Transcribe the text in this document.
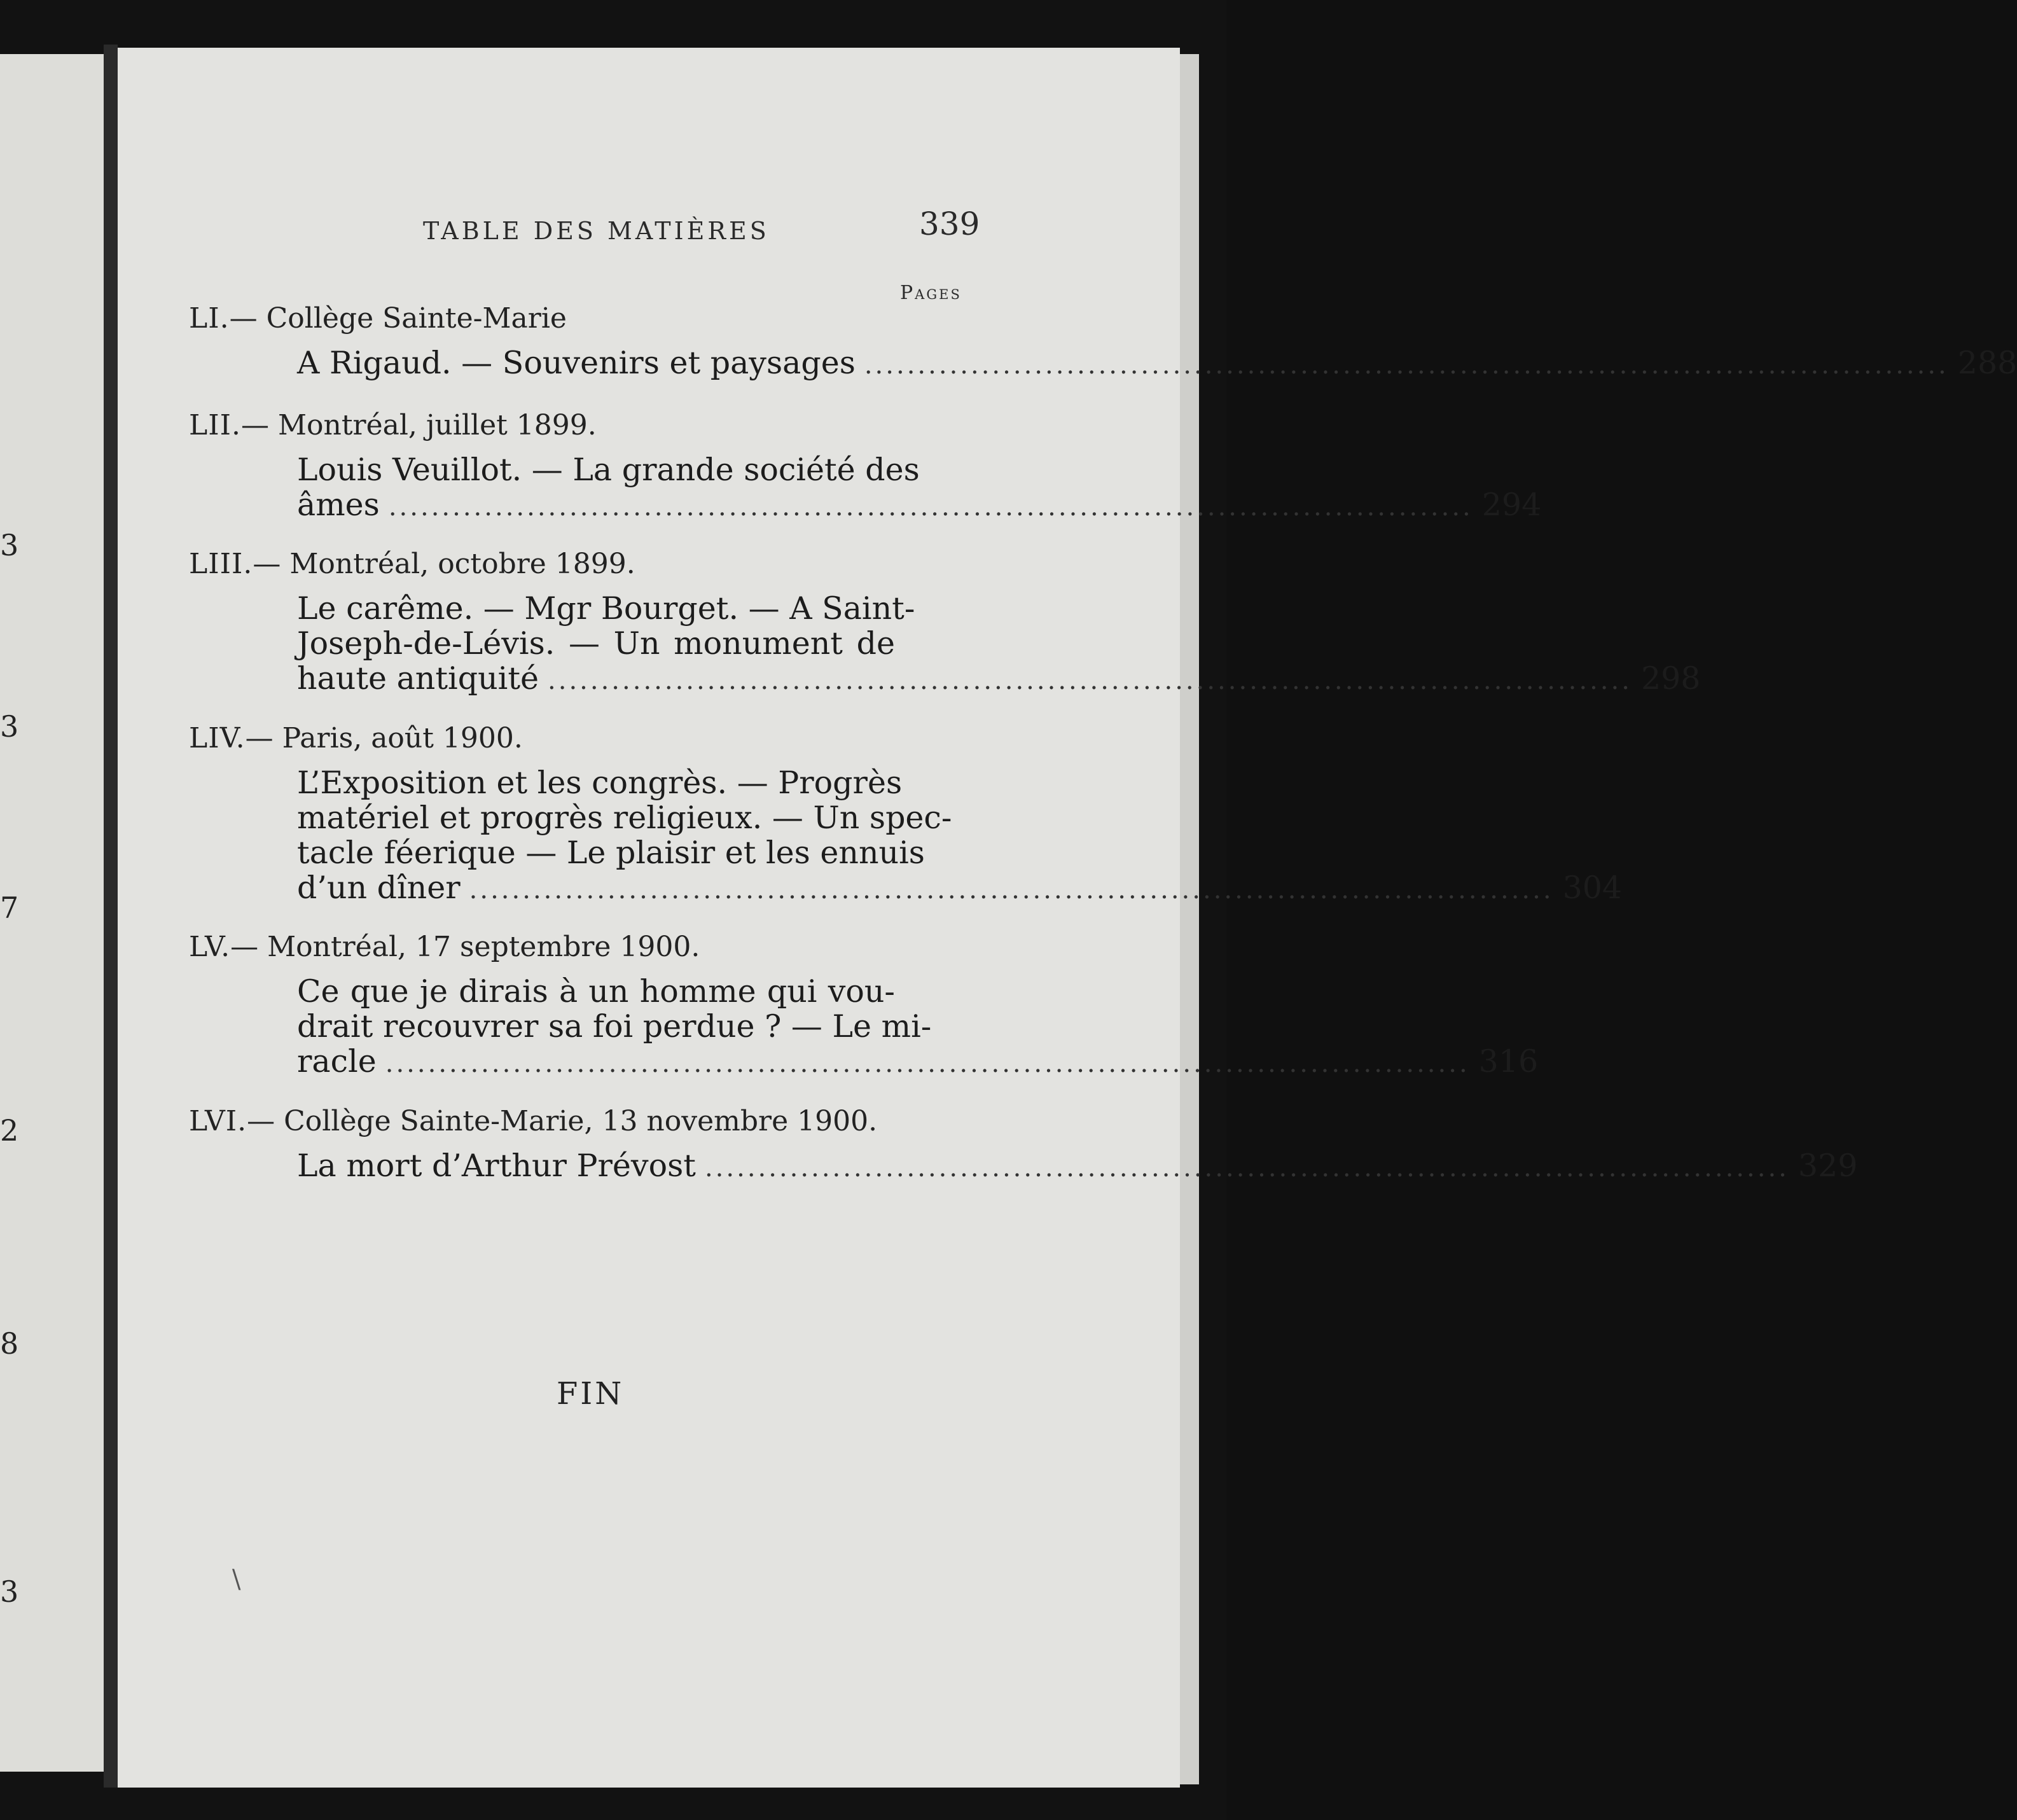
3
3
7
2
8
3
TABLE DES MATIÈRES	339
Pages
LI.— Collège Sainte-Marie
A Rigaud. — Souvenirs et paysages ...................................................................................................... 288
LII.— Montréal, juillet 1899.
Louis Veuillot. — La grande société des
âmes ...................................................................................................... 294
LIII.— Montréal, octobre 1899.
Le carême. — Mgr Bourget. — A Saint-
Joseph-de-Lévis. — Un monument de
haute antiquité ...................................................................................................... 298
LIV.— Paris, août 1900.
L’Exposition et les congrès. — Progrès
matériel et progrès religieux. — Un spec-
tacle féerique — Le plaisir et les ennuis
d’un dîner ...................................................................................................... 304
LV.— Montréal, 17 septembre 1900.
Ce que je dirais à un homme qui vou-
drait recouvrer sa foi perdue ? — Le mi-
racle ...................................................................................................... 316
LVI.— Collège Sainte-Marie, 13 novembre 1900.
La mort d’Arthur Prévost ...................................................................................................... 329
FIN
\
